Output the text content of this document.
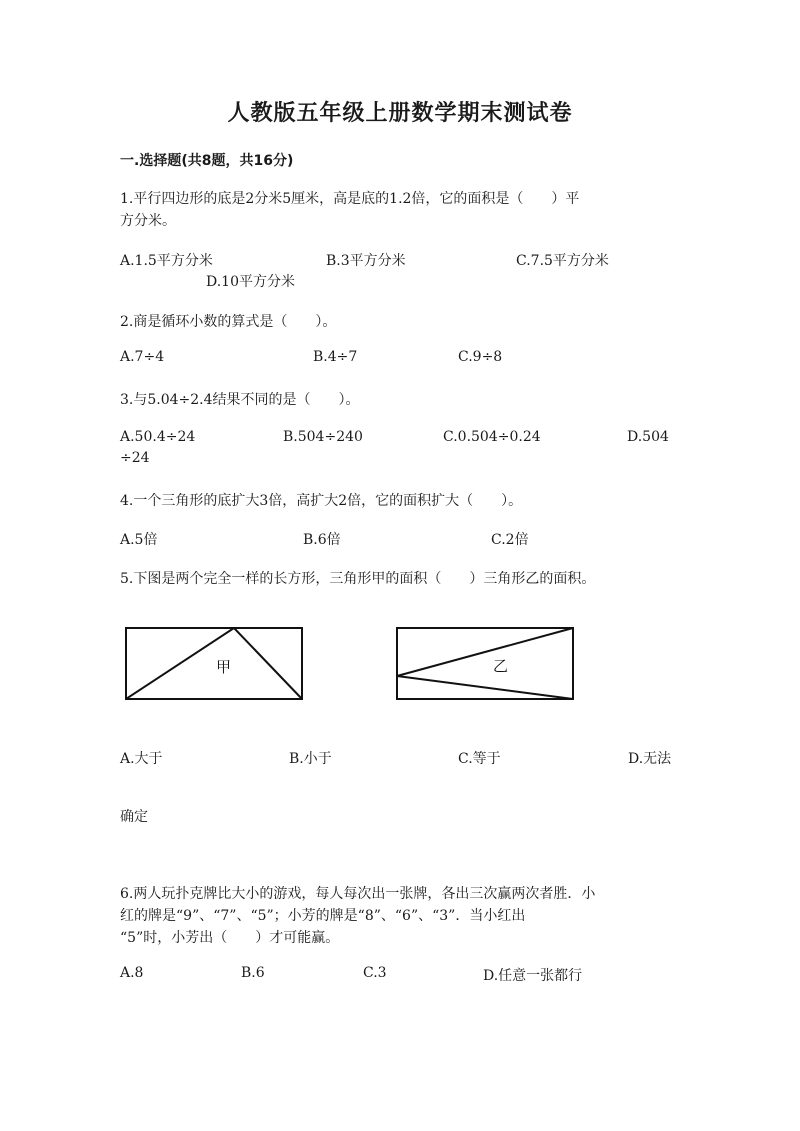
人教版五年级上册数学期末测试卷
一.选择题(共8题，共16分)
1.平行四边形的底是2分米5厘米，高是底的1.2倍，它的面积是（　　）平
方分米。
A.1.5平方分米	B.3平方分米	C.7.5平方分米
D.10平方分米
2.商是循环小数的算式是（　　）。
A.7÷4	B.4÷7	C.9÷8
3.与5.04÷2.4结果不同的是（　　）。
A.50.4÷24	B.504÷240	C.0.504÷0.24	D.504
÷24
4.一个三角形的底扩大3倍，高扩大2倍，它的面积扩大（　　）。
A.5倍	B.6倍	C.2倍
5.下图是两个完全一样的长方形，三角形甲的面积（　　）三角形乙的面积。
甲	乙
A.大于	B.小于	C.等于	D.无法
确定
6.两人玩扑克牌比大小的游戏，每人每次出一张牌，各出三次赢两次者胜．小
红的牌是“9”、“7”、“5”；小芳的牌是“8”、“6”、“3”．当小红出
“5”时，小芳出（　　）才可能赢。
A.8	B.6	C.3	D.任意一张都行
